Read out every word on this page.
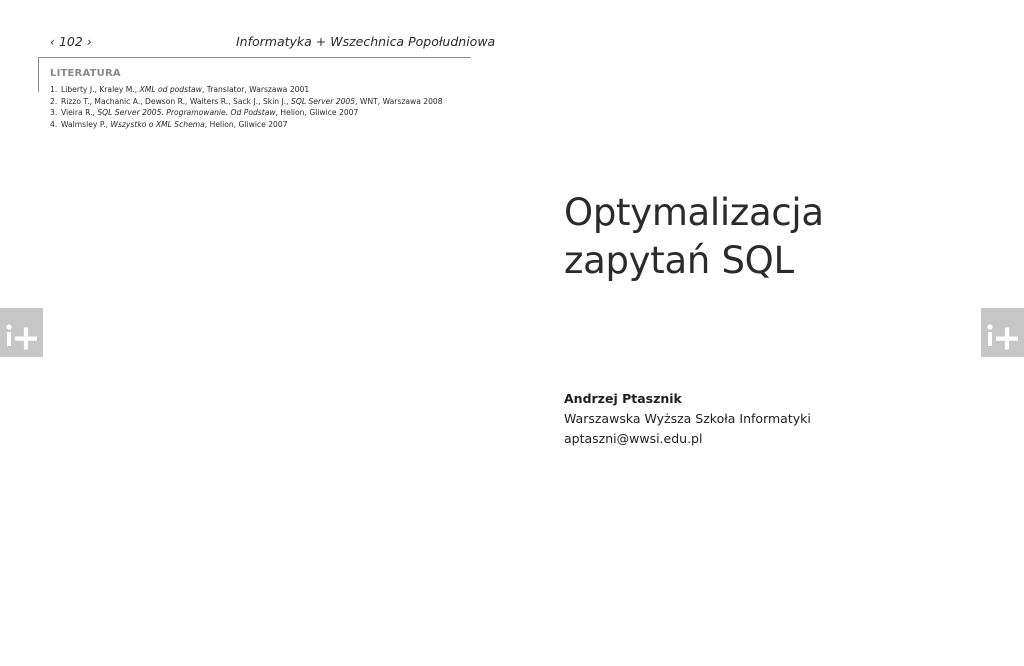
‹ 102 ›	Informatyka + Wszechnica Popołudniowa
LITERATURA
1. Liberty J., Kraley M., XML od podstaw, Translator, Warszawa 2001
2. Rizzo T., Machanic A., Dewson R., Walters R., Sack J., Skin J., SQL Server 2005, WNT, Warszawa 2008
3. Vieira R., SQL Server 2005. Programowanie. Od Podstaw, Helion, Gliwice 2007
4. Walmsley P., Wszystko o XML Schema, Helion, Gliwice 2007
Optymalizacja
zapytań SQL
Andrzej Ptasznik
Warszawska Wyższa Szkoła Informatyki
aptaszni@wwsi.edu.pl
